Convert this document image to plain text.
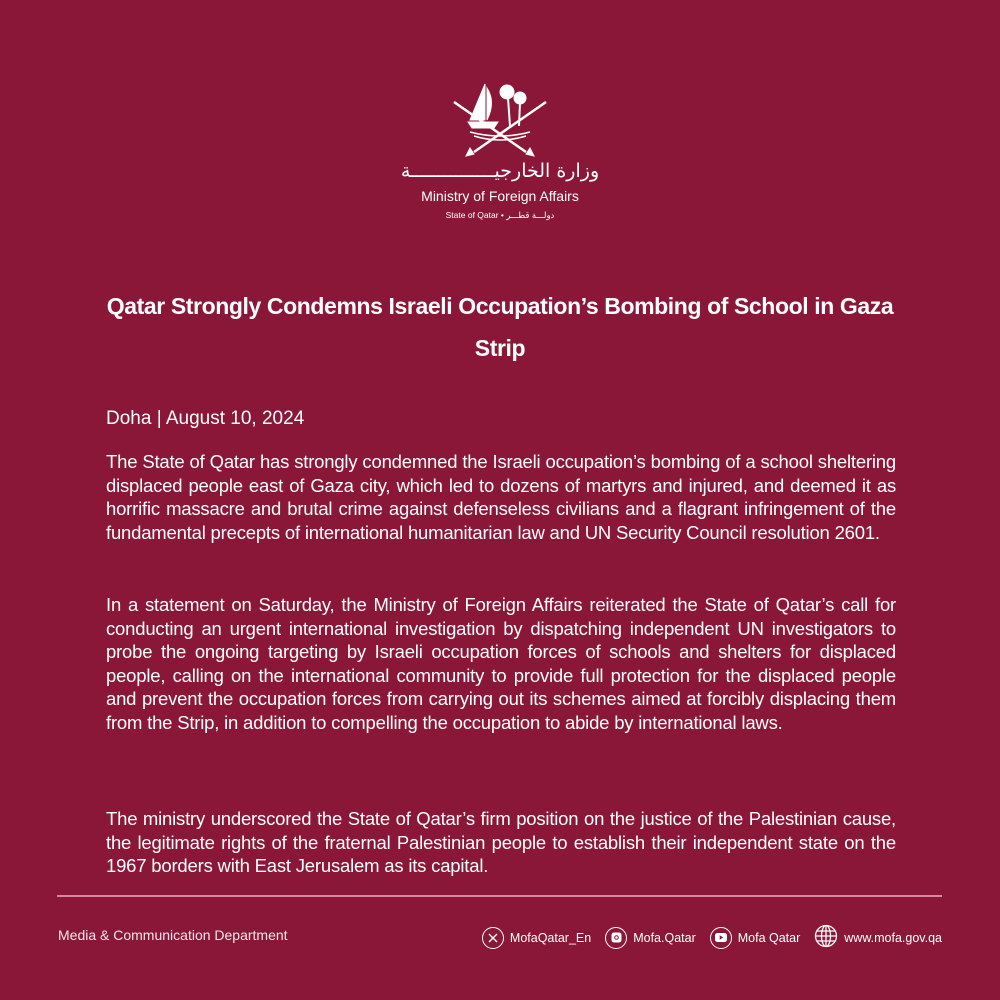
وزارة الخارجيـــــــــــــــة
Ministry of Foreign Affairs
State of Qatar • دولـــة قطـــر
Qatar Strongly Condemns Israeli Occupation’s Bombing of School in Gaza Strip
Doha | August 10, 2024
The State of Qatar has strongly condemned the Israeli occupation’s bombing of a school sheltering displaced people east of Gaza city, which led to dozens of martyrs and injured, and deemed it as horrific massacre and brutal crime against defenseless civilians and a flagrant infringement of the fundamental precepts of international humanitarian law and UN Security Council resolution 2601.
In a statement on Saturday, the Ministry of Foreign Affairs reiterated the State of Qatar’s call for conducting an urgent international investigation by dispatching independent UN investigators to probe the ongoing targeting by Israeli occupation forces of schools and shelters for displaced people, calling on the international community to provide full protection for the displaced people and prevent the occupation forces from carrying out its schemes aimed at forcibly displacing them from the Strip, in addition to compelling the occupation to abide by international laws.
The ministry underscored the State of Qatar’s firm position on the justice of the Palestinian cause, the legitimate rights of the fraternal Palestinian people to establish their independent state on the 1967 borders with East Jerusalem as its capital.
Media & Communication Department	MofaQatar_En	Mofa.Qatar	Mofa Qatar	www.mofa.gov.qa
